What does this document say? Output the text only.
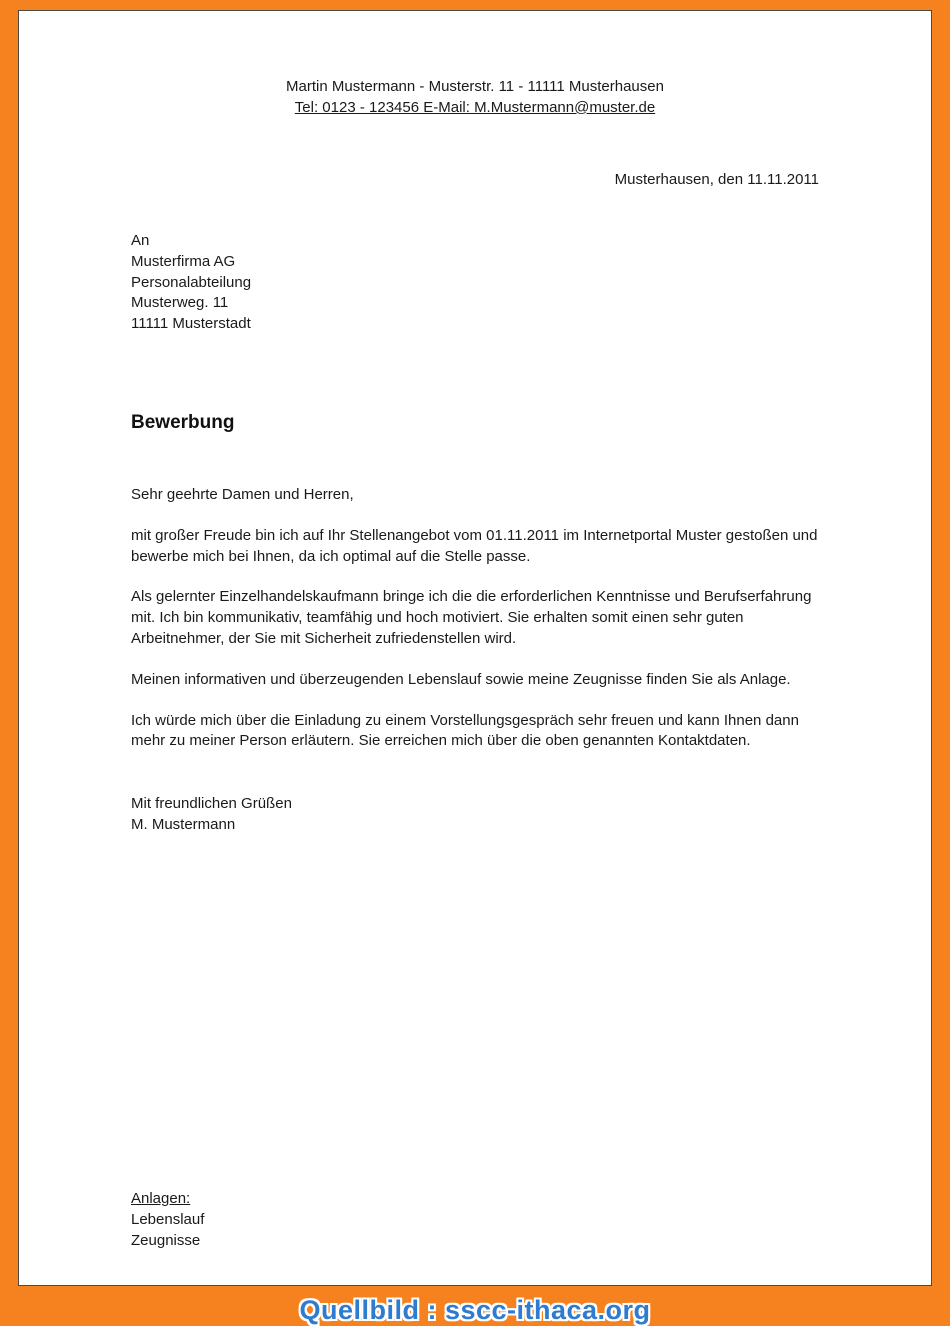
Martin Mustermann - Musterstr. 11 - 11111 Musterhausen
Tel: 0123 - 123456 E-Mail: M.Mustermann@muster.de
Musterhausen, den 11.11.2011
An
Musterfirma AG
Personalabteilung
Musterweg. 11
11111 Musterstadt
Bewerbung
Sehr geehrte Damen und Herren,

mit großer Freude bin ich auf Ihr Stellenangebot vom 01.11.2011 im Internetportal Muster gestoßen und bewerbe mich bei Ihnen, da ich optimal auf die Stelle passe.

Als gelernter Einzelhandelskaufmann bringe ich die die erforderlichen Kenntnisse und Berufserfahrung mit. Ich bin kommunikativ, teamfähig und hoch motiviert. Sie erhalten somit einen sehr guten Arbeitnehmer, der Sie mit Sicherheit zufriedenstellen wird.

Meinen informativen und überzeugenden Lebenslauf sowie meine Zeugnisse finden Sie als Anlage.

Ich würde mich über die Einladung zu einem Vorstellungsgespräch sehr freuen und kann Ihnen dann mehr zu meiner Person erläutern. Sie erreichen mich über die oben genannten Kontaktdaten.

Mit freundlichen Grüßen
M. Mustermann
Anlagen:
Lebenslauf
Zeugnisse
Quellbild : sscc-ithaca.org
